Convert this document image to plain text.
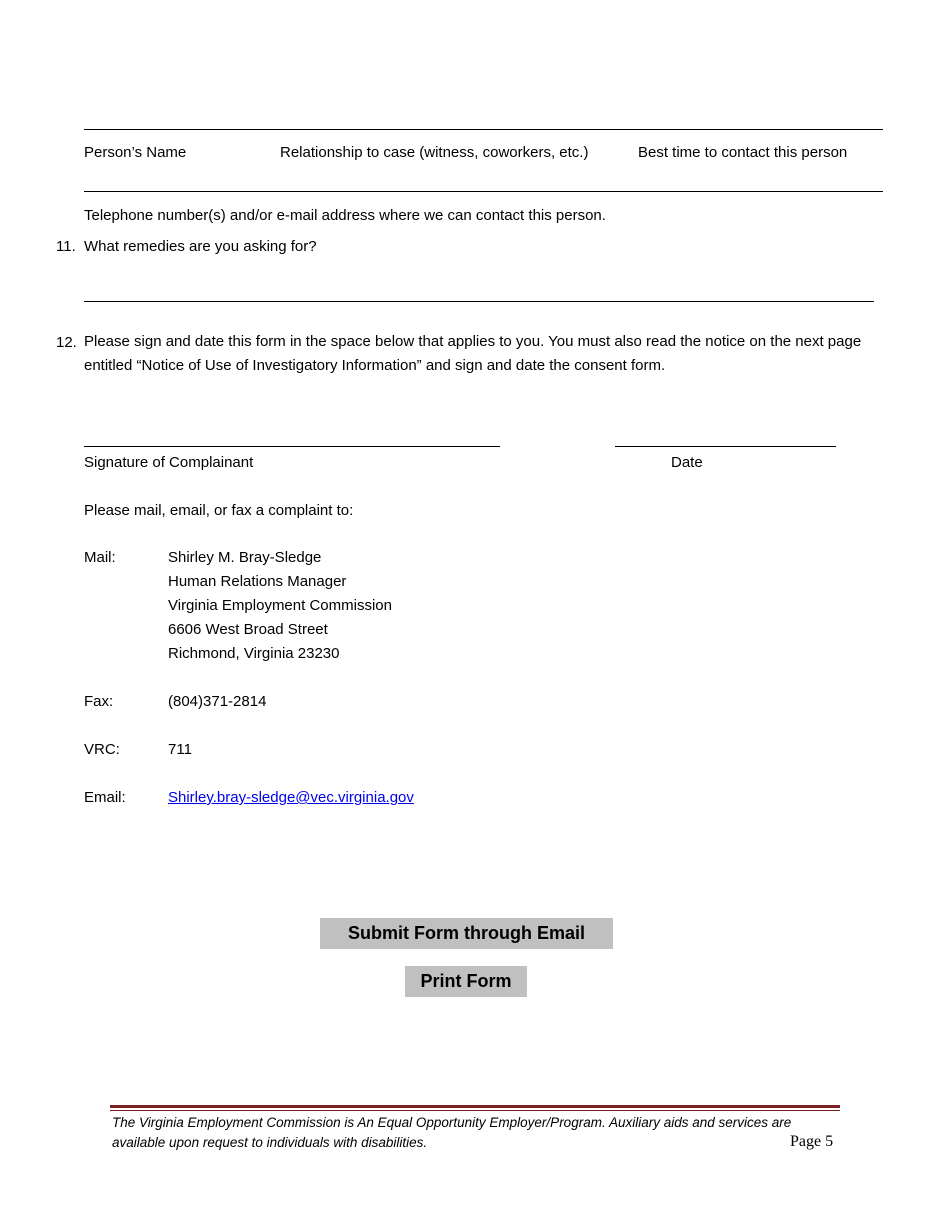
Person’s Name	Relationship to case (witness, coworkers, etc.)	Best time to contact this person
Telephone number(s) and/or e-mail address where we can contact this person.
11. What remedies are you asking for?
12. Please sign and date this form in the space below that applies to you. You must also read the notice on the next page entitled “Notice of Use of Investigatory Information” and sign and date the consent form.
Signature of Complainant	Date
Please mail, email, or fax a complaint to:
Mail:	Shirley M. Bray-Sledge
Human Relations Manager
Virginia Employment Commission
6606 West Broad Street
Richmond, Virginia 23230
Fax:	(804)371-2814
VRC:	711
Email:	Shirley.bray-sledge@vec.virginia.gov
Submit Form through Email
Print Form
The Virginia Employment Commission is An Equal Opportunity Employer/Program. Auxiliary aids and services are available upon request to individuals with disabilities.	Page 5
